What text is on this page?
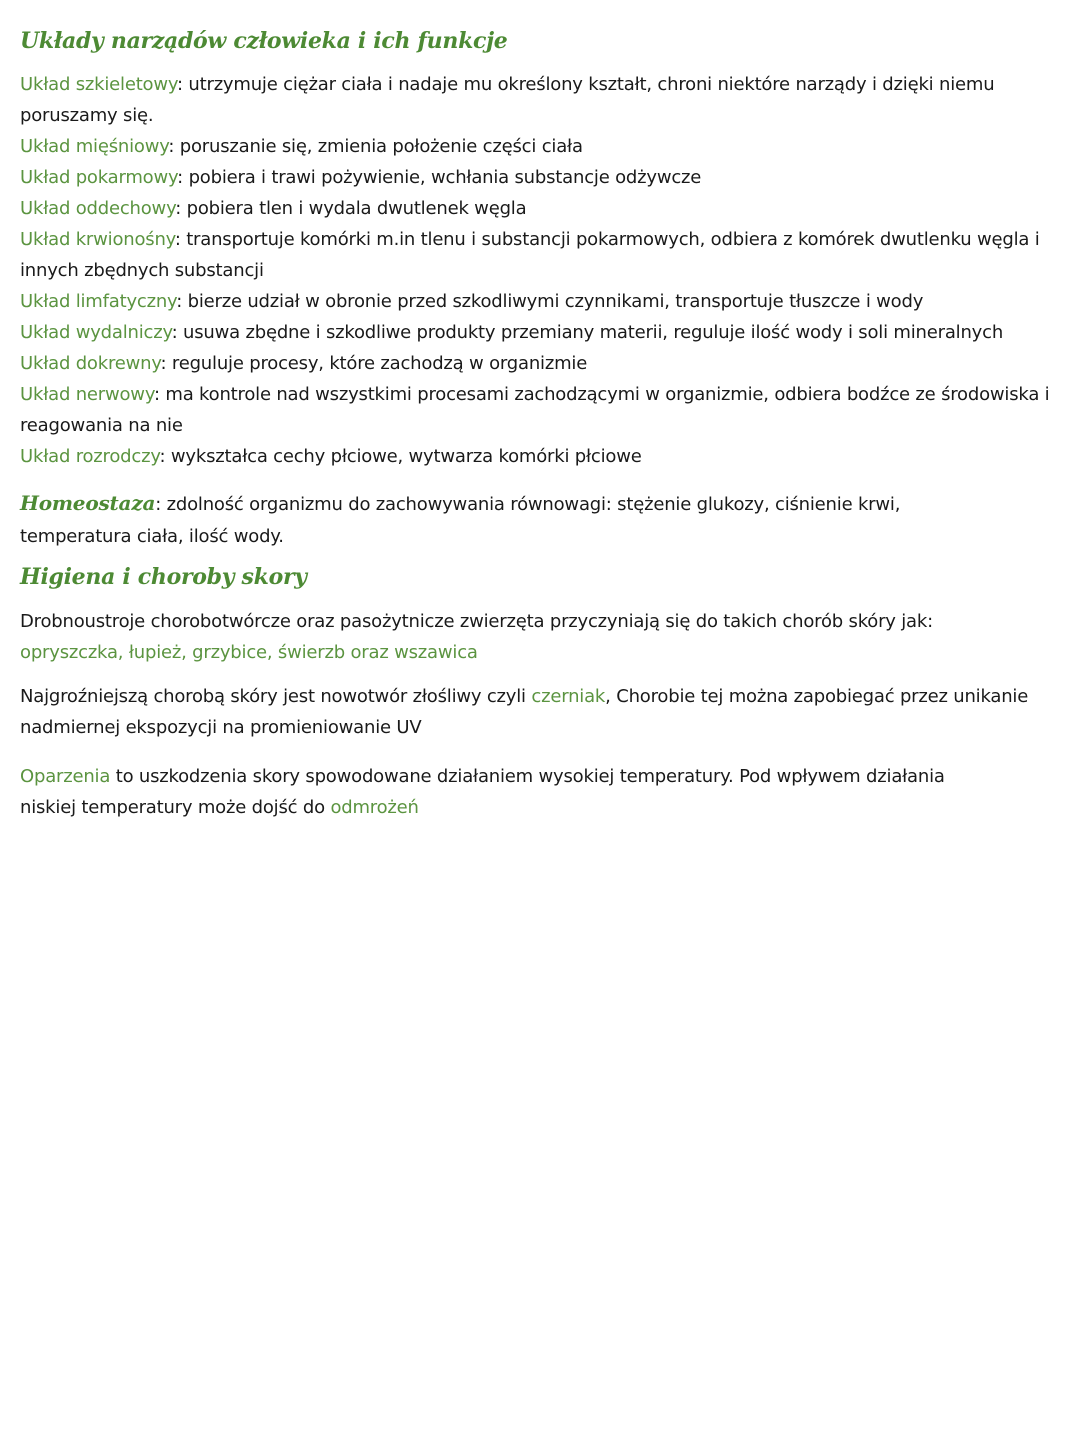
Układy narządów człowieka i ich funkcje
Układ szkieletowy: utrzymuje ciężar ciała i nadaje mu określony kształt, chroni niektóre narządy i dzięki niemu
poruszamy się.
Układ mięśniowy: poruszanie się, zmienia położenie części ciała
Układ pokarmowy: pobiera i trawi pożywienie, wchłania substancje odżywcze
Układ oddechowy: pobiera tlen i wydala dwutlenek węgla
Układ krwionośny: transportuje komórki m.in tlenu i substancji pokarmowych, odbiera z komórek dwutlenku węgla i
innych zbędnych substancji
Układ limfatyczny: bierze udział w obronie przed szkodliwymi czynnikami, transportuje tłuszcze i wody
Układ wydalniczy: usuwa zbędne i szkodliwe produkty przemiany materii, reguluje ilość wody i soli mineralnych
Układ dokrewny: reguluje procesy, które zachodzą w organizmie
Układ nerwowy: ma kontrole nad wszystkimi procesami zachodzącymi w organizmie, odbiera bodźce ze środowiska i
reagowania na nie
Układ rozrodczy: wykształca cechy płciowe, wytwarza komórki płciowe
Homeostaza: zdolność organizmu do zachowywania równowagi: stężenie glukozy, ciśnienie krwi,
temperatura ciała, ilość wody.
Higiena i choroby skory
Drobnoustroje chorobotwórcze oraz pasożytnicze zwierzęta przyczyniają się do takich chorób skóry jak:
opryszczka, łupież, grzybice, świerzb oraz wszawica
Najgroźniejszą chorobą skóry jest nowotwór złośliwy czyli czerniak, Chorobie tej można zapobiegać przez unikanie
nadmiernej ekspozycji na promieniowanie UV
Oparzenia to uszkodzenia skory spowodowane działaniem wysokiej temperatury. Pod wpływem działania
niskiej temperatury może dojść do odmrożeń
